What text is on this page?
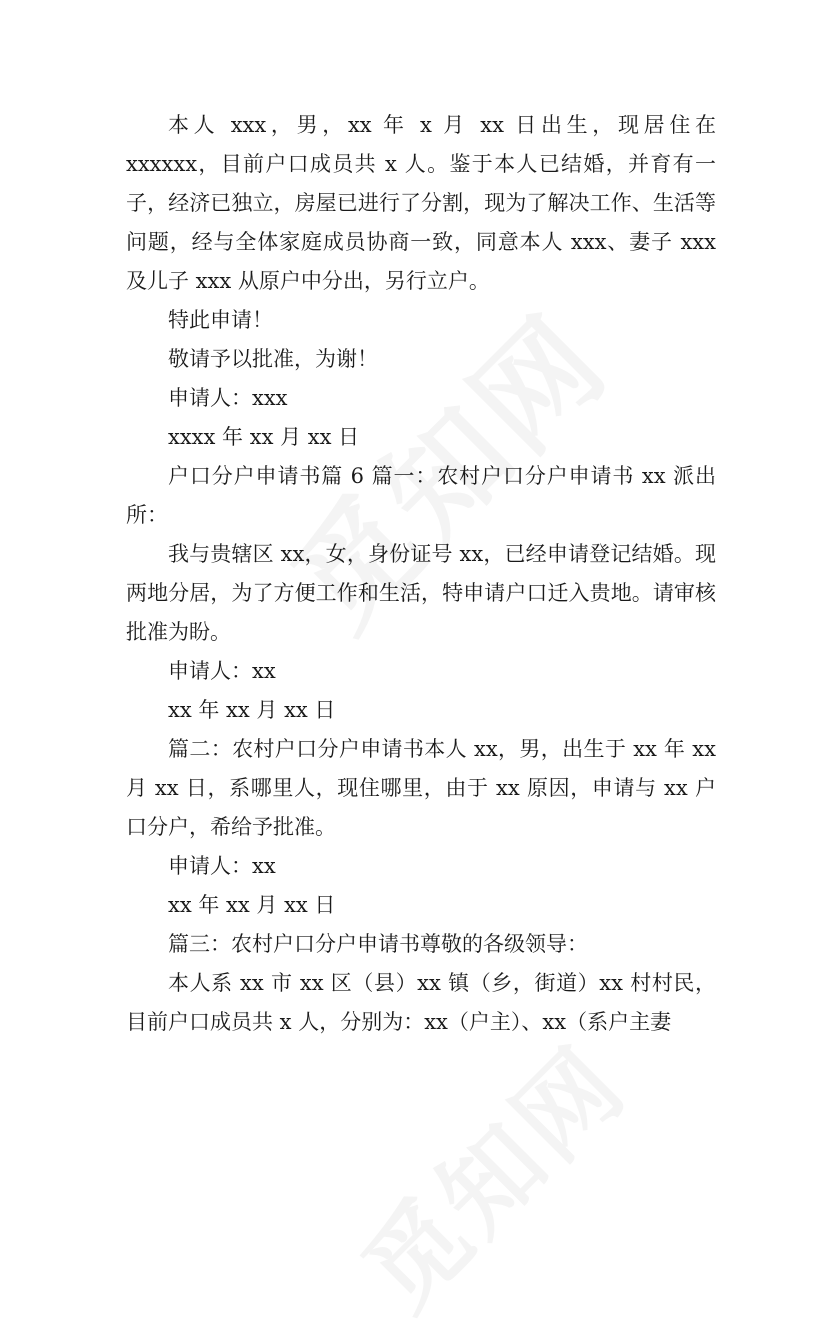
本人 xxx，男，xx 年 x 月 xx 日出生，现居住在 xxxxxx，目前户口成员共 x 人。鉴于本人已结婚，并育有一子，经济已独立，房屋已进行了分割，现为了解决工作、生活等问题，经与全体家庭成员协商一致，同意本人 xxx、妻子 xxx 及儿子 xxx 从原户中分出，另行立户。

特此申请！

敬请予以批准，为谢！

申请人：xxx

xxxx 年 xx 月 xx 日

户口分户申请书篇 6 篇一：农村户口分户申请书 xx 派出所：

我与贵辖区 xx，女，身份证号 xx，已经申请登记结婚。现两地分居，为了方便工作和生活，特申请户口迁入贵地。请审核批准为盼。

申请人：xx

xx 年 xx 月 xx 日

篇二：农村户口分户申请书本人 xx，男，出生于 xx 年 xx 月 xx 日，系哪里人，现住哪里，由于 xx 原因，申请与 xx 户口分户，希给予批准。

申请人：xx

xx 年 xx 月 xx 日

篇三：农村户口分户申请书尊敬的各级领导：

本人系 xx 市 xx 区（县）xx 镇（乡，街道）xx 村村民，目前户口成员共 x 人，分别为：xx（户主）、xx（系户主妻
